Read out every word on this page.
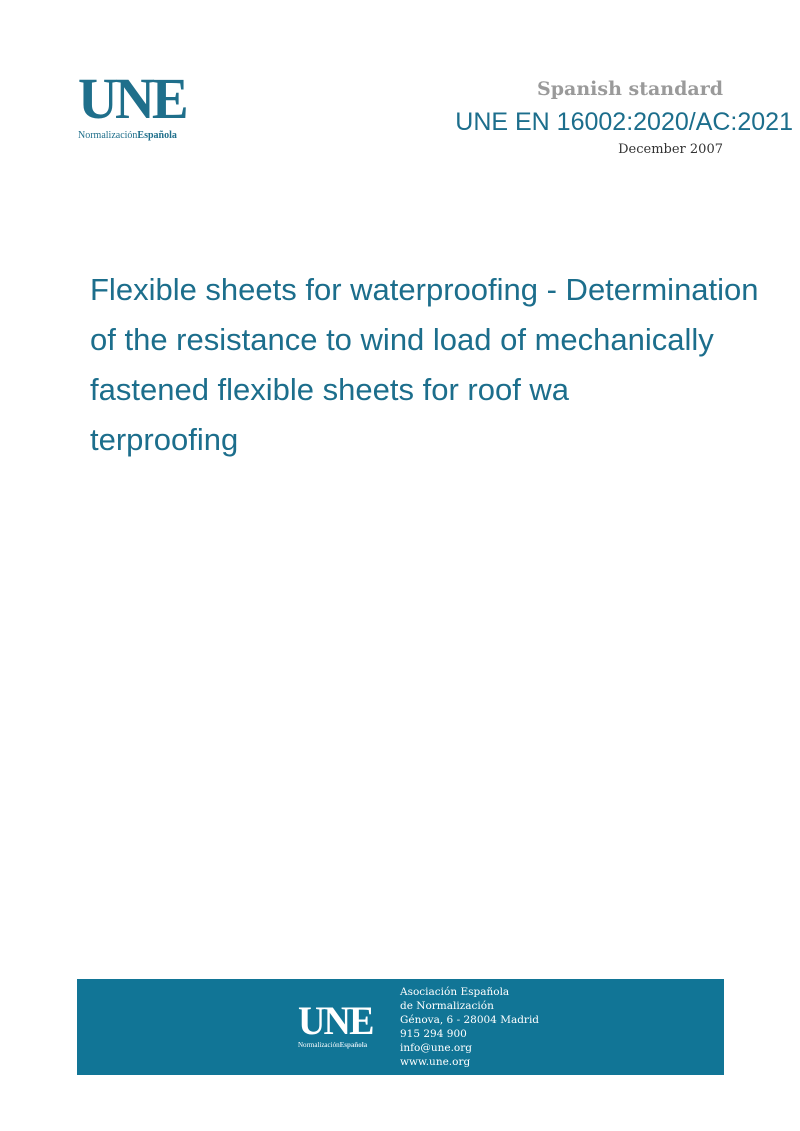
UNE
NormalizaciónEspañola
Spanish standard
UNE EN 16002:2020/AC:2021
December 2007
Flexible sheets for waterproofing - Determination
of the resistance to wind load of mechanically
fastened flexible sheets for roof wa
terproofing
UNE
NormalizaciónEspañola
Asociación Española
de Normalización
Génova, 6 - 28004 Madrid
915 294 900
info@une.org
www.une.org
